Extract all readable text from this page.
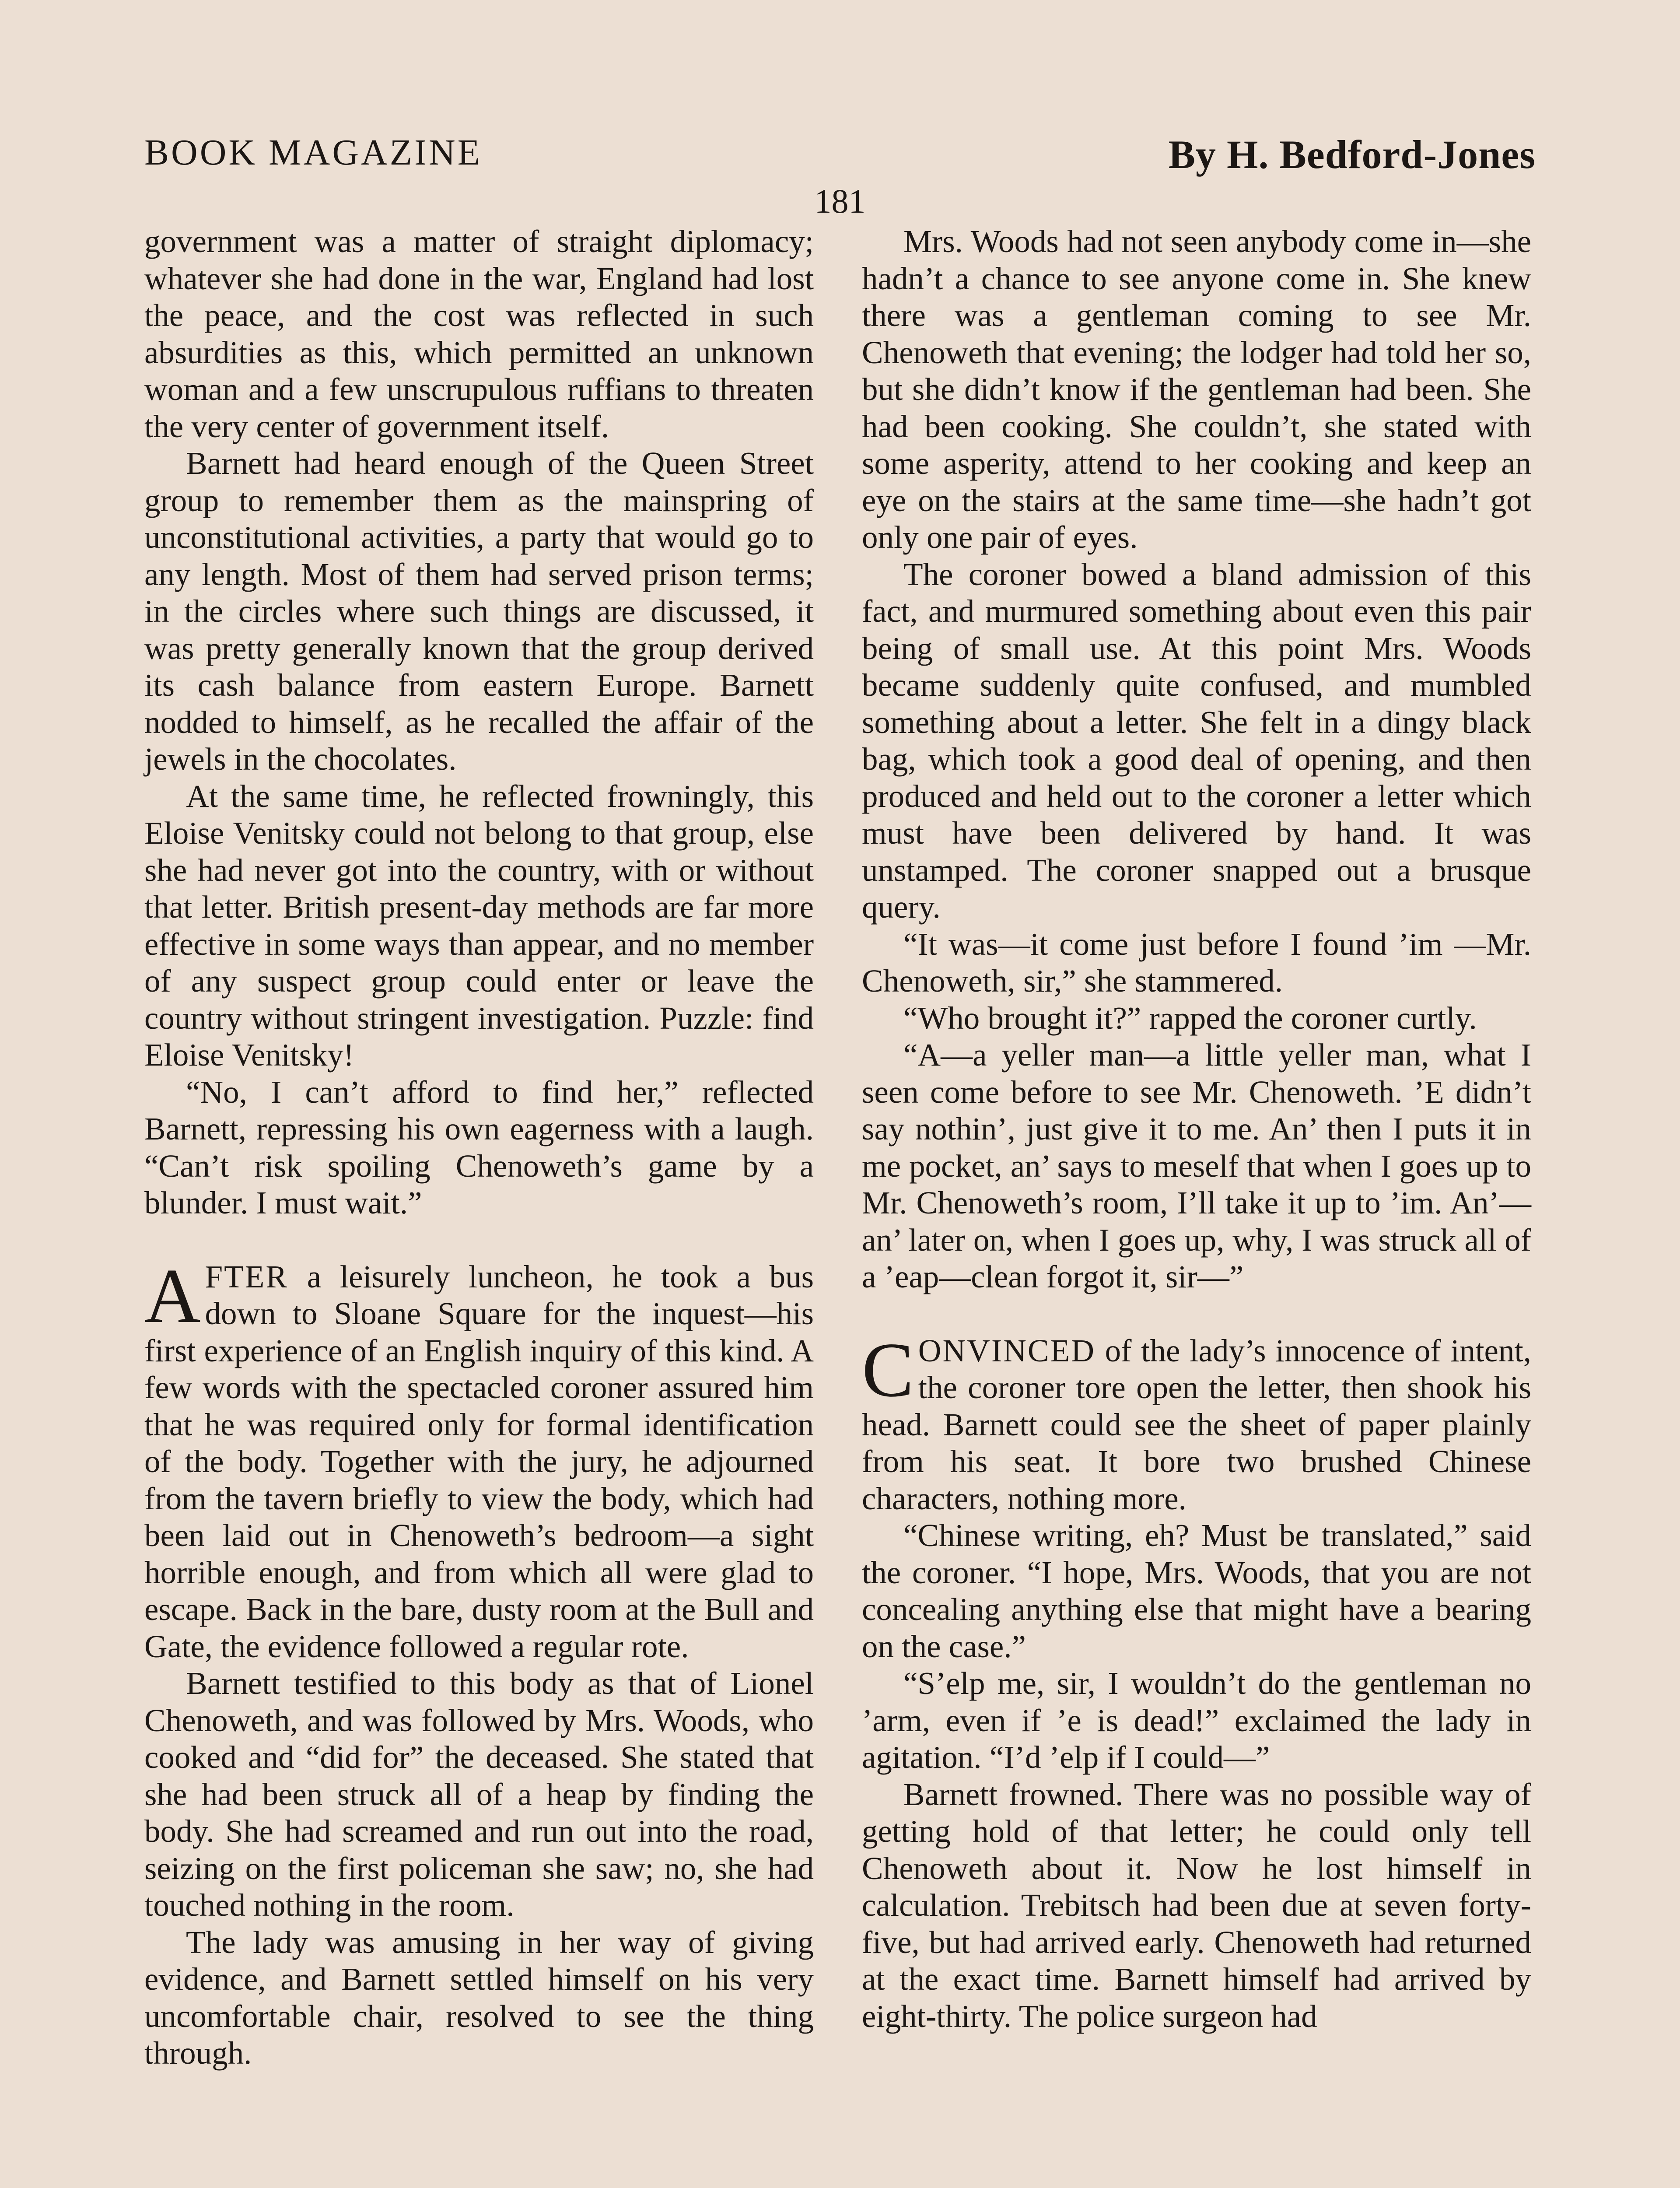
BOOK MAGAZINE	By H. Bedford-Jones
181

government was a matter of straight diplomacy; whatever she had done in the war, England had lost the peace, and the cost was reflected in such absurdities as this, which permitted an unknown woman and a few unscrupulous ruffians to threaten the very center of government itself.

Barnett had heard enough of the Queen Street group to remember them as the mainspring of unconstitutional activities, a party that would go to any length. Most of them had served prison terms; in the circles where such things are discussed, it was pretty generally known that the group derived its cash balance from eastern Europe. Barnett nodded to himself, as he recalled the affair of the jewels in the chocolates.

At the same time, he reflected frowningly, this Eloise Venitsky could not belong to that group, else she had never got into the country, with or without that letter. British present-day methods are far more effective in some ways than appear, and no member of any suspect group could enter or leave the country without stringent investigation. Puzzle: find Eloise Venitsky!

“No, I can’t afford to find her,” reflected Barnett, repressing his own eagerness with a laugh. “Can’t risk spoiling Chenoweth’s game by a blunder. I must wait.”

AFTER a leisurely luncheon, he took a bus down to Sloane Square for the inquest—his first experience of an English inquiry of this kind. A few words with the spectacled coroner assured him that he was required only for formal identification of the body. Together with the jury, he adjourned from the tavern briefly to view the body, which had been laid out in Chenoweth’s bedroom—a sight horrible enough, and from which all were glad to escape. Back in the bare, dusty room at the Bull and Gate, the evidence followed a regular rote.

Barnett testified to this body as that of Lionel Chenoweth, and was followed by Mrs. Woods, who cooked and “did for” the deceased. She stated that she had been struck all of a heap by finding the body. She had screamed and run out into the road, seizing on the first policeman she saw; no, she had touched nothing in the room.

The lady was amusing in her way of giving evidence, and Barnett settled himself on his very uncomfortable chair, resolved to see the thing through.

Mrs. Woods had not seen anybody come in—she hadn’t a chance to see anyone come in. She knew there was a gentleman coming to see Mr. Chenoweth that evening; the lodger had told her so, but she didn’t know if the gentleman had been. She had been cooking. She couldn’t, she stated with some asperity, attend to her cooking and keep an eye on the stairs at the same time—she hadn’t got only one pair of eyes.

The coroner bowed a bland admission of this fact, and murmured something about even this pair being of small use. At this point Mrs. Woods became suddenly quite confused, and mumbled something about a letter. She felt in a dingy black bag, which took a good deal of opening, and then produced and held out to the coroner a letter which must have been delivered by hand. It was unstamped. The coroner snapped out a brusque query.

“It was—it come just before I found ’im —Mr. Chenoweth, sir,” she stammered.

“Who brought it?” rapped the coroner curtly.

“A—a yeller man—a little yeller man, what I seen come before to see Mr. Chenoweth. ’E didn’t say nothin’, just give it to me. An’ then I puts it in me pocket, an’ says to meself that when I goes up to Mr. Chenoweth’s room, I’ll take it up to ’im. An’—an’ later on, when I goes up, why, I was struck all of a ’eap—clean forgot it, sir—”

CONVINCED of the lady’s innocence of intent, the coroner tore open the letter, then shook his head. Barnett could see the sheet of paper plainly from his seat. It bore two brushed Chinese characters, nothing more.

“Chinese writing, eh? Must be translated,” said the coroner. “I hope, Mrs. Woods, that you are not concealing anything else that might have a bearing on the case.”

“S’elp me, sir, I wouldn’t do the gentleman no ’arm, even if ’e is dead!” exclaimed the lady in agitation. “I’d ’elp if I could—”

Barnett frowned. There was no possible way of getting hold of that letter; he could only tell Chenoweth about it. Now he lost himself in calculation. Trebitsch had been due at seven forty-five, but had arrived early. Chenoweth had returned at the exact time. Barnett himself had arrived by eight-thirty. The police surgeon had
